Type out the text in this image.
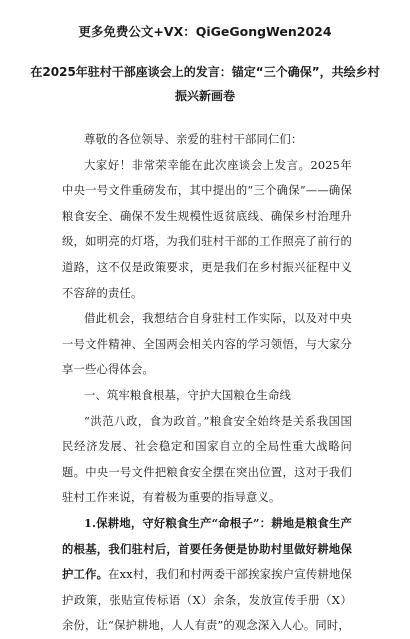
更多免费公文+VX：QiGeGongWen2024
在2025年驻村干部座谈会上的发言：锚定“三个确保”，共绘乡村振兴新画卷

尊敬的各位领导、亲爱的驻村干部同仁们：

大家好！非常荣幸能在此次座谈会上发言。2025年中央一号文件重磅发布，其中提出的“三个确保”——确保粮食安全、确保不发生规模性返贫底线、确保乡村治理升级，如明亮的灯塔，为我们驻村干部的工作照亮了前行的道路，这不仅是政策要求，更是我们在乡村振兴征程中义不容辞的责任。

借此机会，我想结合自身驻村工作实际，以及对中央一号文件精神、全国两会相关内容的学习领悟，与大家分享一些心得体会。

一、筑牢粮食根基，守护大国粮仓生命线

“洪范八政，食为政首。”粮食安全始终是关系我国国民经济发展、社会稳定和国家自立的全局性重大战略问题。中央一号文件把粮食安全摆在突出位置，这对于我们驻村工作来说，有着极为重要的指导意义。

1.保耕地，守好粮食生产“命根子”：耕地是粮食生产的根基，我们驻村后，首要任务便是协助村里做好耕地保护工作。在xx村，我们和村两委干部挨家挨户宣传耕地保护政策，张贴宣传标语（X）余条，发放宣传手册（X）余份，让“保护耕地，人人有责”的观念深入人心。同时，
